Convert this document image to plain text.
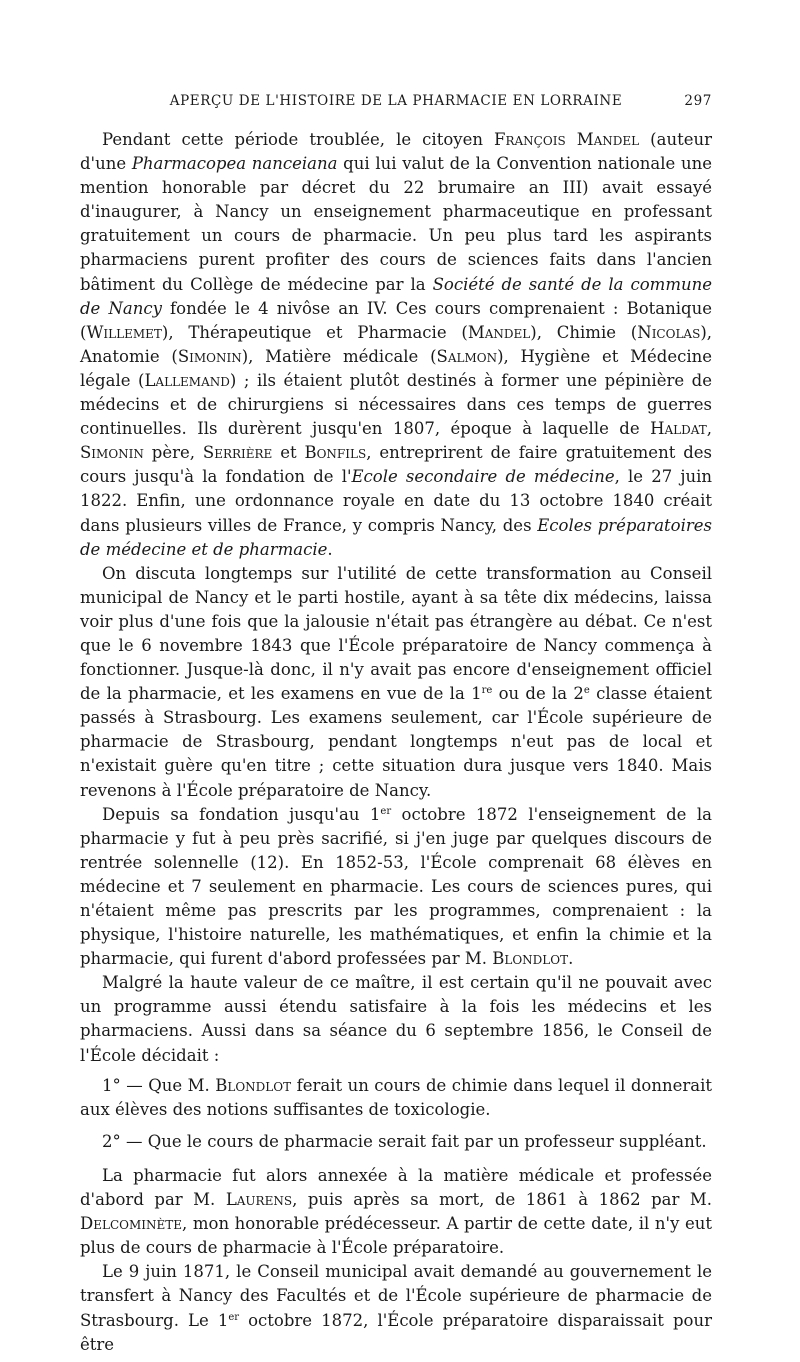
APERÇU DE L'HISTOIRE DE LA PHARMACIE EN LORRAINE	297

Pendant cette période troublée, le citoyen François Mandel (auteur d'une Pharmacopea nanceiana qui lui valut de la Convention nationale une mention honorable par décret du 22 brumaire an III) avait essayé d'inaugurer, à Nancy un enseignement pharmaceutique en professant gratuitement un cours de pharmacie. Un peu plus tard les aspirants pharmaciens purent profiter des cours de sciences faits dans l'ancien bâtiment du Collège de médecine par la Société de santé de la commune de Nancy fondée le 4 nivôse an IV. Ces cours comprenaient : Botanique (Willemet), Thérapeutique et Pharmacie (Mandel), Chimie (Nicolas), Anatomie (Simonin), Matière médicale (Salmon), Hygiène et Médecine légale (Lallemand) ; ils étaient plutôt destinés à former une pépinière de médecins et de chirurgiens si nécessaires dans ces temps de guerres continuelles. Ils durèrent jusqu'en 1807, époque à laquelle de Haldat, Simonin père, Serrière et Bonfils, entreprirent de faire gratuitement des cours jusqu'à la fondation de l'Ecole secondaire de médecine, le 27 juin 1822. Enfin, une ordonnance royale en date du 13 octobre 1840 créait dans plusieurs villes de France, y compris Nancy, des Ecoles préparatoires de médecine et de pharmacie.

On discuta longtemps sur l'utilité de cette transformation au Conseil municipal de Nancy et le parti hostile, ayant à sa tête dix médecins, laissa voir plus d'une fois que la jalousie n'était pas étrangère au débat. Ce n'est que le 6 novembre 1843 que l'École préparatoire de Nancy commença à fonctionner. Jusque-là donc, il n'y avait pas encore d'enseignement officiel de la pharmacie, et les examens en vue de la 1re ou de la 2e classe étaient passés à Strasbourg. Les examens seulement, car l'École supérieure de pharmacie de Strasbourg, pendant longtemps n'eut pas de local et n'existait guère qu'en titre ; cette situation dura jusque vers 1840. Mais revenons à l'École préparatoire de Nancy.

Depuis sa fondation jusqu'au 1er octobre 1872 l'enseignement de la pharmacie y fut à peu près sacrifié, si j'en juge par quelques discours de rentrée solennelle (12). En 1852-53, l'École comprenait 68 élèves en médecine et 7 seulement en pharmacie. Les cours de sciences pures, qui n'étaient même pas prescrits par les programmes, comprenaient : la physique, l'histoire naturelle, les mathématiques, et enfin la chimie et la pharmacie, qui furent d'abord professées par M. Blondlot.

Malgré la haute valeur de ce maître, il est certain qu'il ne pouvait avec un programme aussi étendu satisfaire à la fois les médecins et les pharmaciens. Aussi dans sa séance du 6 septembre 1856, le Conseil de l'École décidait :

1° — Que M. Blondlot ferait un cours de chimie dans lequel il donnerait aux élèves des notions suffisantes de toxicologie.

2° — Que le cours de pharmacie serait fait par un professeur suppléant.

La pharmacie fut alors annexée à la matière médicale et professée d'abord par M. Laurens, puis après sa mort, de 1861 à 1862 par M. Delcominète, mon honorable prédécesseur. A partir de cette date, il n'y eut plus de cours de pharmacie à l'École préparatoire.

Le 9 juin 1871, le Conseil municipal avait demandé au gouvernement le transfert à Nancy des Facultés et de l'École supérieure de pharmacie de Strasbourg. Le 1er octobre 1872, l'École préparatoire disparaissait pour être
